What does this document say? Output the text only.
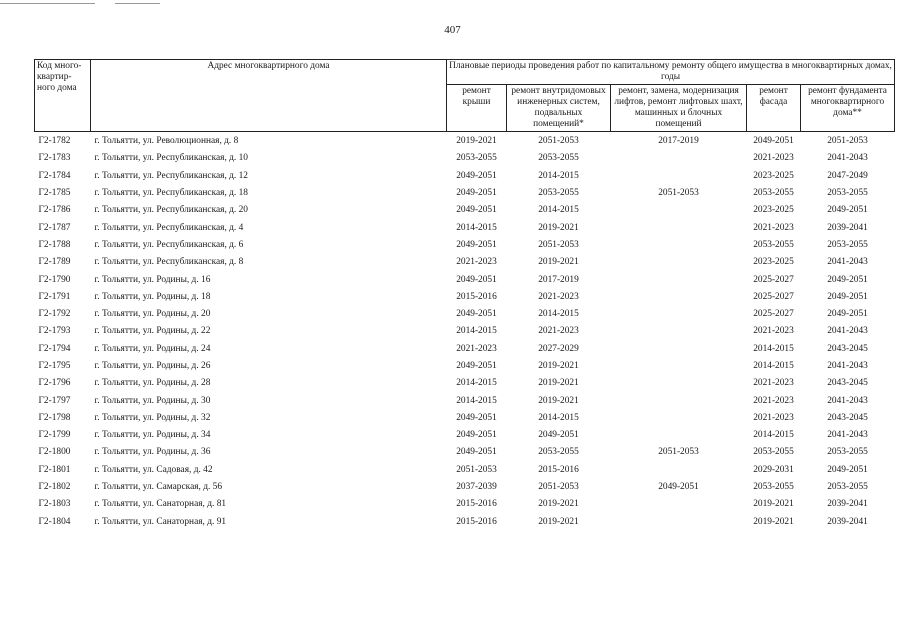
407
Код много-квартир-ного дома	Адрес многоквартирного дома	Плановые периоды проведения работ по капитальному ремонту общего имущества в многоквартирных домах, годы				
		ремонт крыши	ремонт внутридомовых инженерных систем, подвальных помещений*	ремонт, замена, модернизация лифтов, ремонт лифтовых шахт, машинных и блочных помещений	ремонт фасада	ремонт фундамента многоквартирного дома**
Г2-1782	г. Тольятти, ул. Революционная, д. 8	2019-2021	2051-2053	2017-2019	2049-2051	2051-2053
Г2-1783	г. Тольятти, ул. Республиканская, д. 10	2053-2055	2053-2055		2021-2023	2041-2043
Г2-1784	г. Тольятти, ул. Республиканская, д. 12	2049-2051	2014-2015		2023-2025	2047-2049
Г2-1785	г. Тольятти, ул. Республиканская, д. 18	2049-2051	2053-2055	2051-2053	2053-2055	2053-2055
Г2-1786	г. Тольятти, ул. Республиканская, д. 20	2049-2051	2014-2015		2023-2025	2049-2051
Г2-1787	г. Тольятти, ул. Республиканская, д. 4	2014-2015	2019-2021		2021-2023	2039-2041
Г2-1788	г. Тольятти, ул. Республиканская, д. 6	2049-2051	2051-2053		2053-2055	2053-2055
Г2-1789	г. Тольятти, ул. Республиканская, д. 8	2021-2023	2019-2021		2023-2025	2041-2043
Г2-1790	г. Тольятти, ул. Родины, д. 16	2049-2051	2017-2019		2025-2027	2049-2051
Г2-1791	г. Тольятти, ул. Родины, д. 18	2015-2016	2021-2023		2025-2027	2049-2051
Г2-1792	г. Тольятти, ул. Родины, д. 20	2049-2051	2014-2015		2025-2027	2049-2051
Г2-1793	г. Тольятти, ул. Родины, д. 22	2014-2015	2021-2023		2021-2023	2041-2043
Г2-1794	г. Тольятти, ул. Родины, д. 24	2021-2023	2027-2029		2014-2015	2043-2045
Г2-1795	г. Тольятти, ул. Родины, д. 26	2049-2051	2019-2021		2014-2015	2041-2043
Г2-1796	г. Тольятти, ул. Родины, д. 28	2014-2015	2019-2021		2021-2023	2043-2045
Г2-1797	г. Тольятти, ул. Родины, д. 30	2014-2015	2019-2021		2021-2023	2041-2043
Г2-1798	г. Тольятти, ул. Родины, д. 32	2049-2051	2014-2015		2021-2023	2043-2045
Г2-1799	г. Тольятти, ул. Родины, д. 34	2049-2051	2049-2051		2014-2015	2041-2043
Г2-1800	г. Тольятти, ул. Родины, д. 36	2049-2051	2053-2055	2051-2053	2053-2055	2053-2055
Г2-1801	г. Тольятти, ул. Садовая, д. 42	2051-2053	2015-2016		2029-2031	2049-2051
Г2-1802	г. Тольятти, ул. Самарская, д. 56	2037-2039	2051-2053	2049-2051	2053-2055	2053-2055
Г2-1803	г. Тольятти, ул. Санаторная, д. 81	2015-2016	2019-2021		2019-2021	2039-2041
Г2-1804	г. Тольятти, ул. Санаторная, д. 91	2015-2016	2019-2021		2019-2021	2039-2041
